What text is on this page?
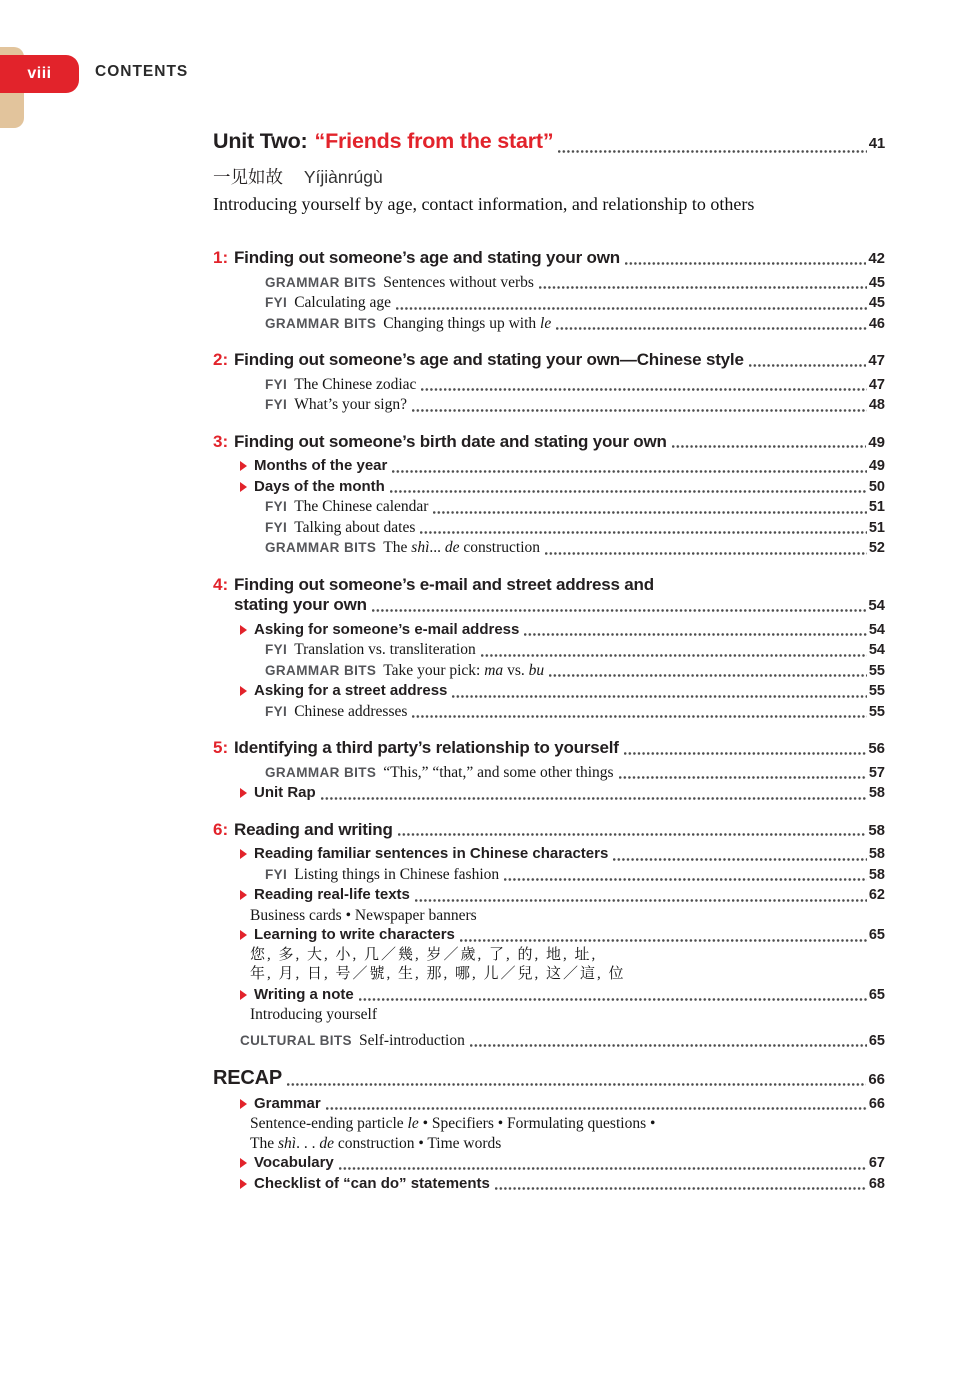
viii	CONTENTS
Unit Two: “Friends from the start”	41
一见如故 Yíjiànrúgù
Introducing yourself by age, contact information, and relationship to others
1: Finding out someone’s age and stating your own	42
GRAMMAR BITS Sentences without verbs	45
FYI Calculating age	45
GRAMMAR BITS Changing things up with le	46
2: Finding out someone’s age and stating your own—Chinese style	47
FYI The Chinese zodiac	47
FYI What’s your sign?	48
3: Finding out someone’s birth date and stating your own	49
Months of the year	49
Days of the month	50
FYI The Chinese calendar	51
FYI Talking about dates	51
GRAMMAR BITS The shì... de construction	52
4: Finding out someone’s e-mail and street address and
stating your own	54
Asking for someone’s e-mail address	54
FYI Translation vs. transliteration	54
GRAMMAR BITS Take your pick: ma vs. bu	55
Asking for a street address	55
FYI Chinese addresses	55
5: Identifying a third party’s relationship to yourself	56
GRAMMAR BITS “This,” “that,” and some other things	57
Unit Rap	58
6: Reading and writing	58
Reading familiar sentences in Chinese characters	58
FYI Listing things in Chinese fashion	58
Reading real-life texts	62
Business cards • Newspaper banners
Learning to write characters	65
您, 多, 大, 小, 几／幾, 岁／歲, 了, 的, 地, 址,
年, 月, 日, 号／號, 生, 那, 哪, 儿／兒, 这／這, 位
Writing a note	65
Introducing yourself
CULTURAL BITS Self-introduction	65
RECAP	66
Grammar	66
Sentence-ending particle le • Specifiers • Formulating questions •
The shì. . . de construction • Time words
Vocabulary	67
Checklist of “can do” statements	68
